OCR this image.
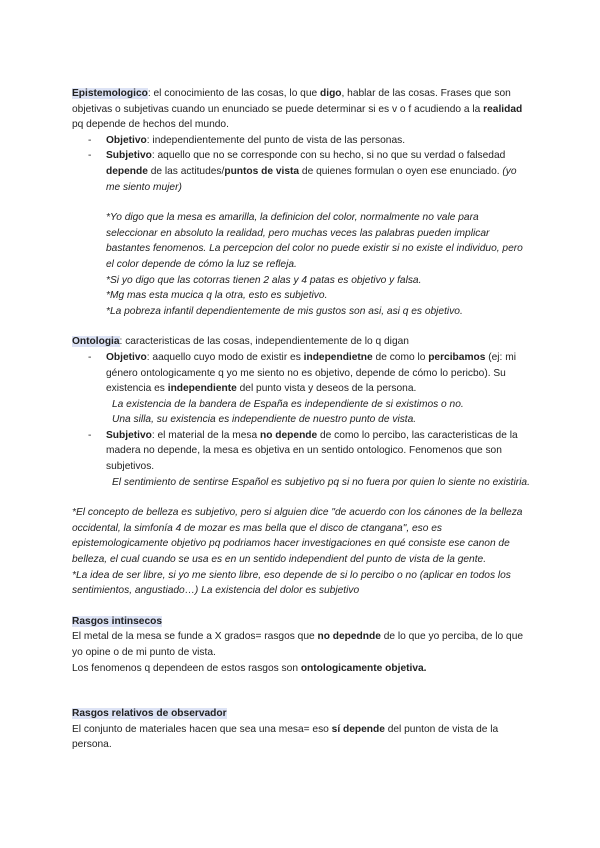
Epistemologico: el conocimiento de las cosas, lo que digo, hablar de las cosas. Frases que son objetivas o subjetivas cuando un enunciado se puede determinar si es v o f acudiendo a la realidad pq depende de hechos del mundo.

- Objetivo: independientemente del punto de vista de las personas.

- Subjetivo: aquello que no se corresponde con su hecho, si no que su verdad o falsedad depende de las actitudes/puntos de vista de quienes formulan o oyen ese enunciado. (yo me siento mujer)

*Yo digo que la mesa es amarilla, la definicion del color, normalmente no vale para seleccionar en absoluto la realidad, pero muchas veces las palabras pueden implicar bastantes fenomenos. La percepcion del color no puede existir si no existe el individuo, pero el color depende de cómo la luz se refleja.

*Si yo digo que las cotorras tienen 2 alas y 4 patas es objetivo y falsa.

*Mg mas esta mucica q la otra, esto es subjetivo.

*La pobreza infantil dependientemente de mis gustos son asi, asi q es objetivo.

Ontologia: caracteristicas de las cosas, independientemente de lo q digan

- Objetivo: aaquello cuyo modo de existir es independietne de como lo percibamos (ej: mi género ontologicamente q yo me siento no es objetivo, depende de cómo lo pericbo). Su existencia es independiente del punto vista y deseos de la persona.

La existencia de la bandera de España es independiente de si existimos o no.

Una silla, su existencia es independiente de nuestro punto de vista.

- Subjetivo: el material de la mesa no depende de como lo percibo, las caracteristicas de la madera no depende, la mesa es objetiva en un sentido ontologico. Fenomenos que son subjetivos.

El sentimiento de sentirse Español es subjetivo pq si no fuera por quien lo siente no existiria.

*El concepto de belleza es subjetivo, pero si alguien dice "de acuerdo con los cánones de la belleza occidental, la simfonía 4 de mozar es mas bella que el disco de ctangana", eso es epistemologicamente objetivo pq podriamos hacer investigaciones en qué consiste ese canon de belleza, el cual cuando se usa es en un sentido independient del punto de vista de la gente.

*La idea de ser libre, si yo me siento libre, eso depende de si lo percibo o no (aplicar en todos los sentimientos, angustiado…) La existencia del dolor es subjetivo

Rasgos intinsecos

El metal de la mesa se funde a X grados= rasgos que no depednde de lo que yo perciba, de lo que yo opine o de mi punto de vista.

Los fenomenos q dependeen de estos rasgos son ontologicamente objetiva.

Rasgos relativos de observador

El conjunto de materiales hacen que sea una mesa= eso sí depende del punton de vista de la persona.
